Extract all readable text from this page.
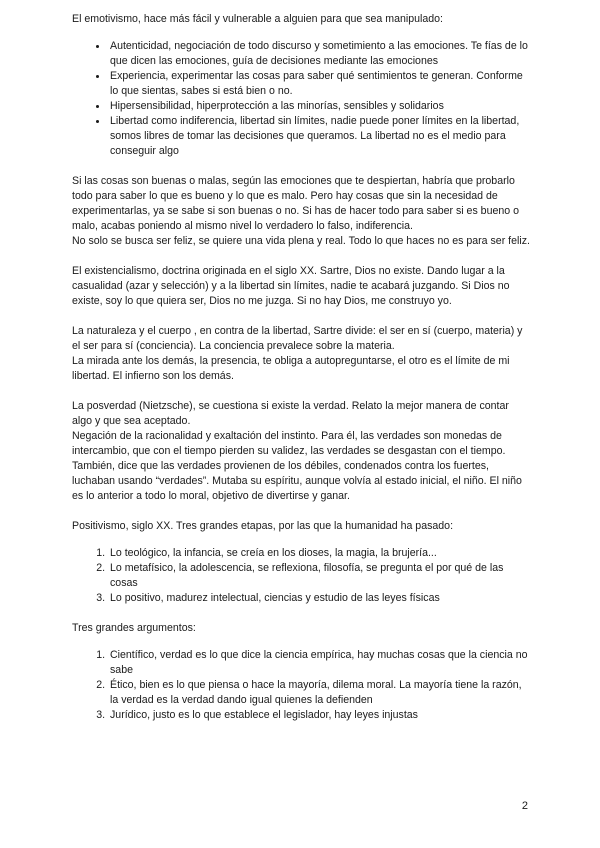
El emotivismo, hace más fácil y vulnerable a alguien para que sea manipulado:

• Autenticidad, negociación de todo discurso y sometimiento a las emociones. Te fías de lo que dicen las emociones, guía de decisiones mediante las emociones
• Experiencia, experimentar las cosas para saber qué sentimientos te generan. Conforme lo que sientas, sabes si está bien o no.
• Hipersensibilidad, hiperprotección a las minorías, sensibles y solidarios
• Libertad como indiferencia, libertad sin límites, nadie puede poner límites en la libertad, somos libres de tomar las decisiones que queramos. La libertad no es el medio para conseguir algo

Si las cosas son buenas o malas, según las emociones que te despiertan, habría que probarlo todo para saber lo que es bueno y lo que es malo. Pero hay cosas que sin la necesidad de experimentarlas, ya se sabe si son buenas o no. Si has de hacer todo para saber si es bueno o malo, acabas poniendo al mismo nivel lo verdadero lo falso, indiferencia.

No solo se busca ser feliz, se quiere una vida plena y real. Todo lo que haces no es para ser feliz.

El existencialismo, doctrina originada en el siglo XX. Sartre, Dios no existe. Dando lugar a la casualidad (azar y selección) y a la libertad sin límites, nadie te acabará juzgando. Si Dios no existe, soy lo que quiera ser, Dios no me juzga. Si no hay Dios, me construyo yo.

La naturaleza y el cuerpo , en contra de la libertad, Sartre divide: el ser en sí (cuerpo, materia) y el ser para sí (conciencia). La conciencia prevalece sobre la materia.

La mirada ante los demás, la presencia, te obliga a autopreguntarse, el otro es el límite de mi libertad. El infierno son los demás.

La posverdad (Nietzsche), se cuestiona si existe la verdad. Relato la mejor manera de contar algo y que sea aceptado.

Negación de la racionalidad y exaltación del instinto. Para él, las verdades son monedas de intercambio, que con el tiempo pierden su validez, las verdades se desgastan con el tiempo. También, dice que las verdades provienen de los débiles, condenados contra los fuertes, luchaban usando “verdades”. Mutaba su espíritu, aunque volvía al estado inicial, el niño. El niño es lo anterior a todo lo moral, objetivo de divertirse y ganar.

Positivismo, siglo XX. Tres grandes etapas, por las que la humanidad ha pasado:

1. Lo teológico, la infancia, se creía en los dioses, la magia, la brujería...
2. Lo metafísico, la adolescencia, se reflexiona, filosofía, se pregunta el por qué de las cosas
3. Lo positivo, madurez intelectual, ciencias y estudio de las leyes físicas

Tres grandes argumentos:

1. Científico, verdad es lo que dice la ciencia empírica, hay muchas cosas que la ciencia no sabe
2. Ético, bien es lo que piensa o hace la mayoría, dilema moral. La mayoría tiene la razón, la verdad es la verdad dando igual quienes la defienden
3. Jurídico, justo es lo que establece el legislador, hay leyes injustas
2
